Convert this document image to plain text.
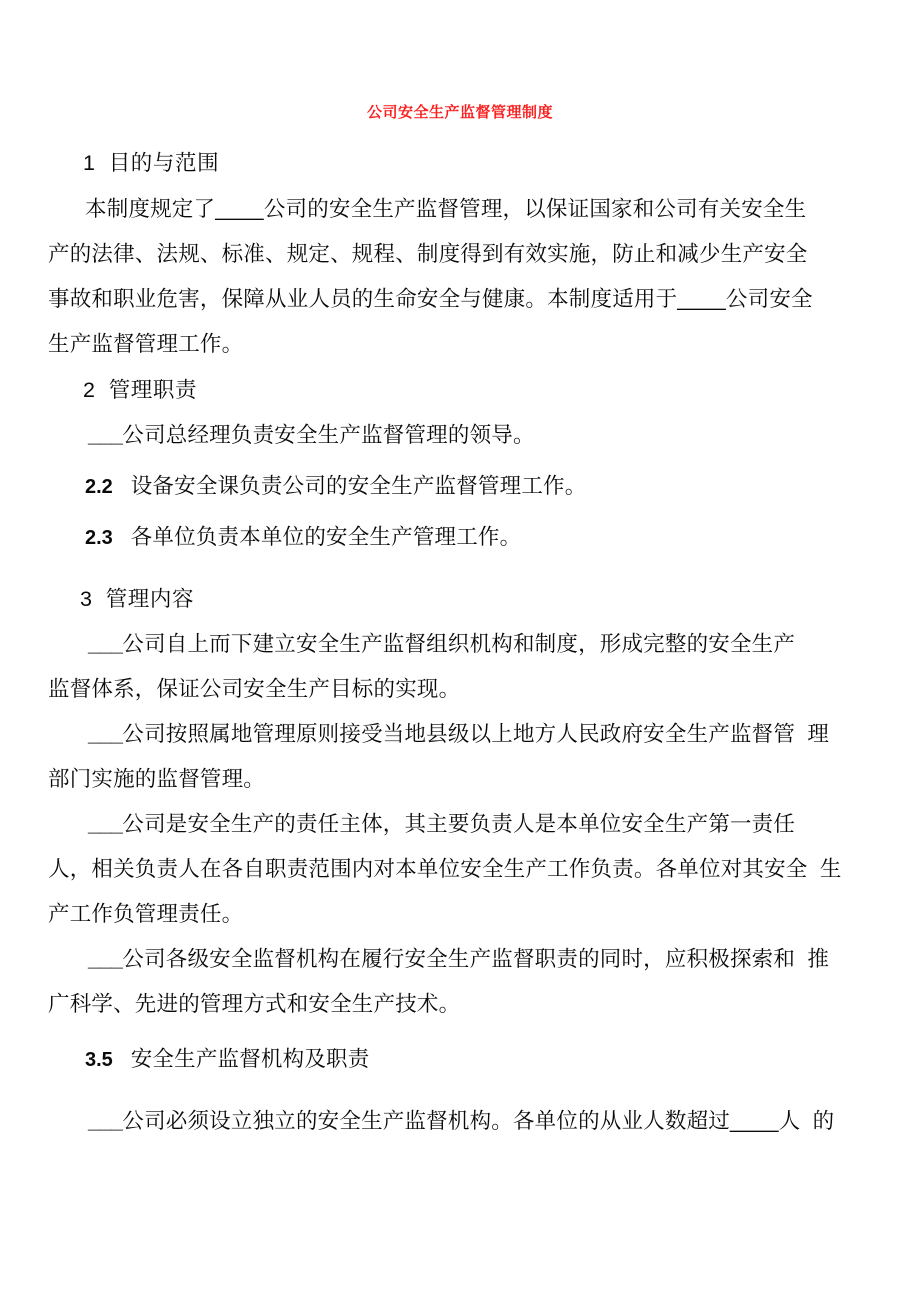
公司安全生产监督管理制度
1  目的与范围
本制度规定了____公司的安全生产监督管理，以保证国家和公司有关安全生
产的法律、法规、标准、规定、规程、制度得到有效实施，防止和减少生产安全
事故和职业危害，保障从业人员的生命安全与健康。本制度适用于____公司安全
生产监督管理工作。
2  管理职责
___公司总经理负责安全生产监督管理的领导。
2.2 设备安全课负责公司的安全生产监督管理工作。
2.3 各单位负责本单位的安全生产管理工作。
3  管理内容
___公司自上而下建立安全生产监督组织机构和制度，形成完整的安全生产
监督体系，保证公司安全生产目标的实现。
___公司按照属地管理原则接受当地县级以上地方人民政府安全生产监督管  理
部门实施的监督管理。
___公司是安全生产的责任主体，其主要负责人是本单位安全生产第一责任
人，相关负责人在各自职责范围内对本单位安全生产工作负责。各单位对其安全  生
产工作负管理责任。
___公司各级安全监督机构在履行安全生产监督职责的同时，应积极探索和  推
广科学、先进的管理方式和安全生产技术。
3.5 安全生产监督机构及职责
___公司必须设立独立的安全生产监督机构。各单位的从业人数超过____人  的
